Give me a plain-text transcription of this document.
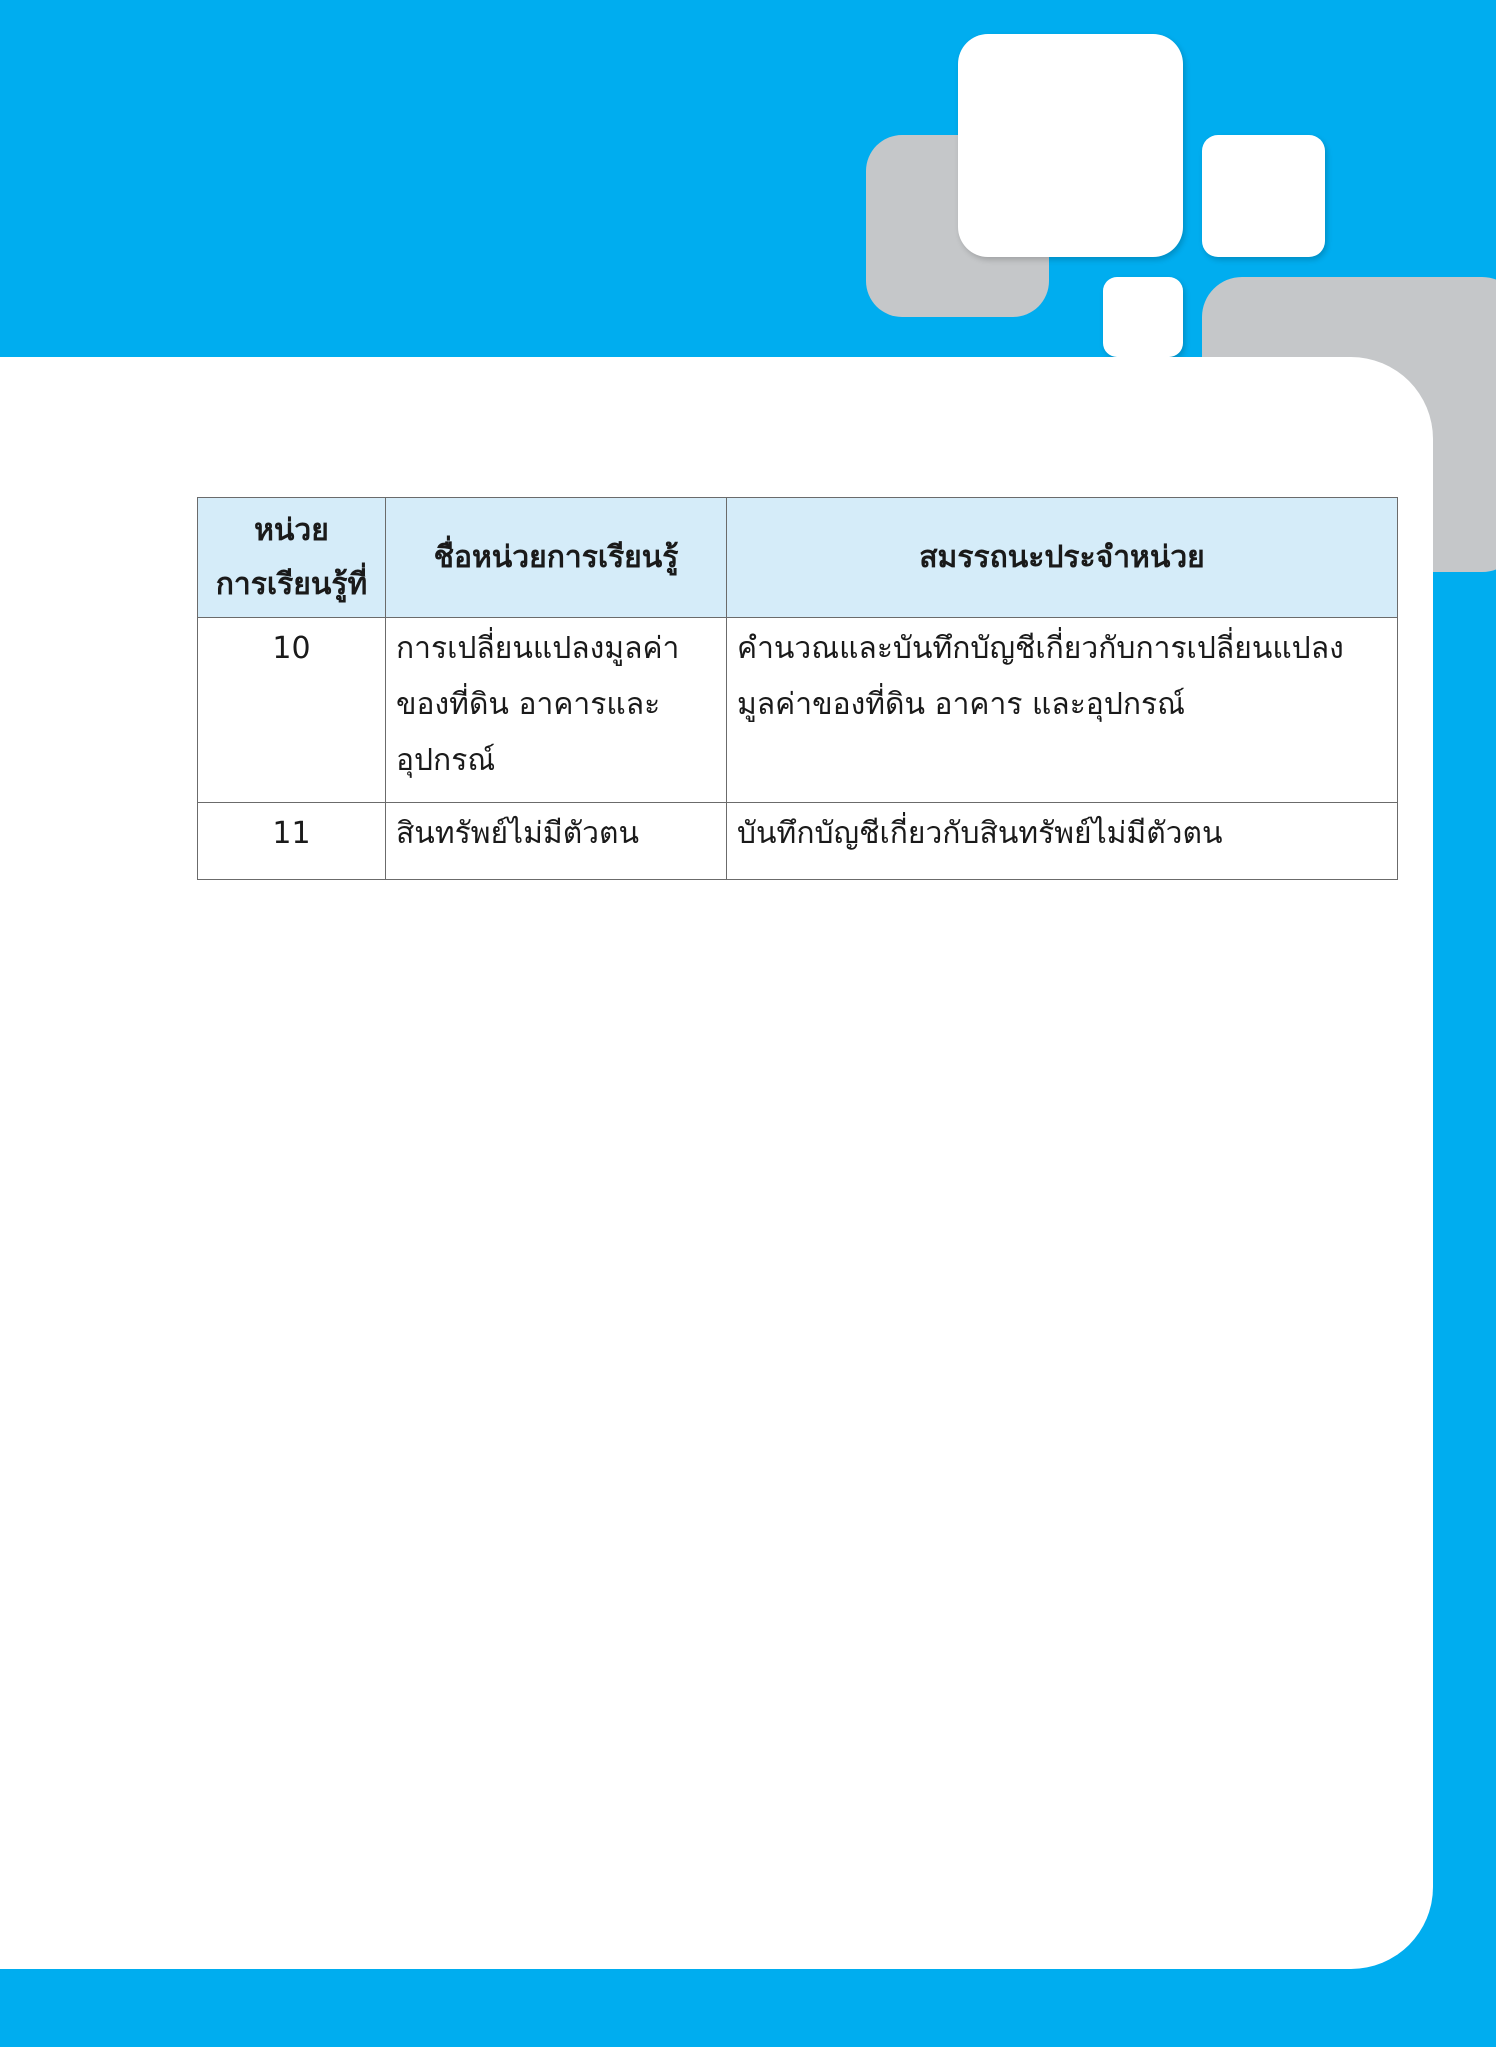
หน่วย
การเรียนรู้ที่	ชื่อหน่วยการเรียนรู้	สมรรถนะประจำหน่วย
10	การเปลี่ยนแปลงมูลค่าของที่ดิน อาคารและอุปกรณ์	คำนวณและบันทึกบัญชีเกี่ยวกับการเปลี่ยนแปลงมูลค่าของที่ดิน อาคาร และอุปกรณ์
11	สินทรัพย์ไม่มีตัวตน	บันทึกบัญชีเกี่ยวกับสินทรัพย์ไม่มีตัวตน
